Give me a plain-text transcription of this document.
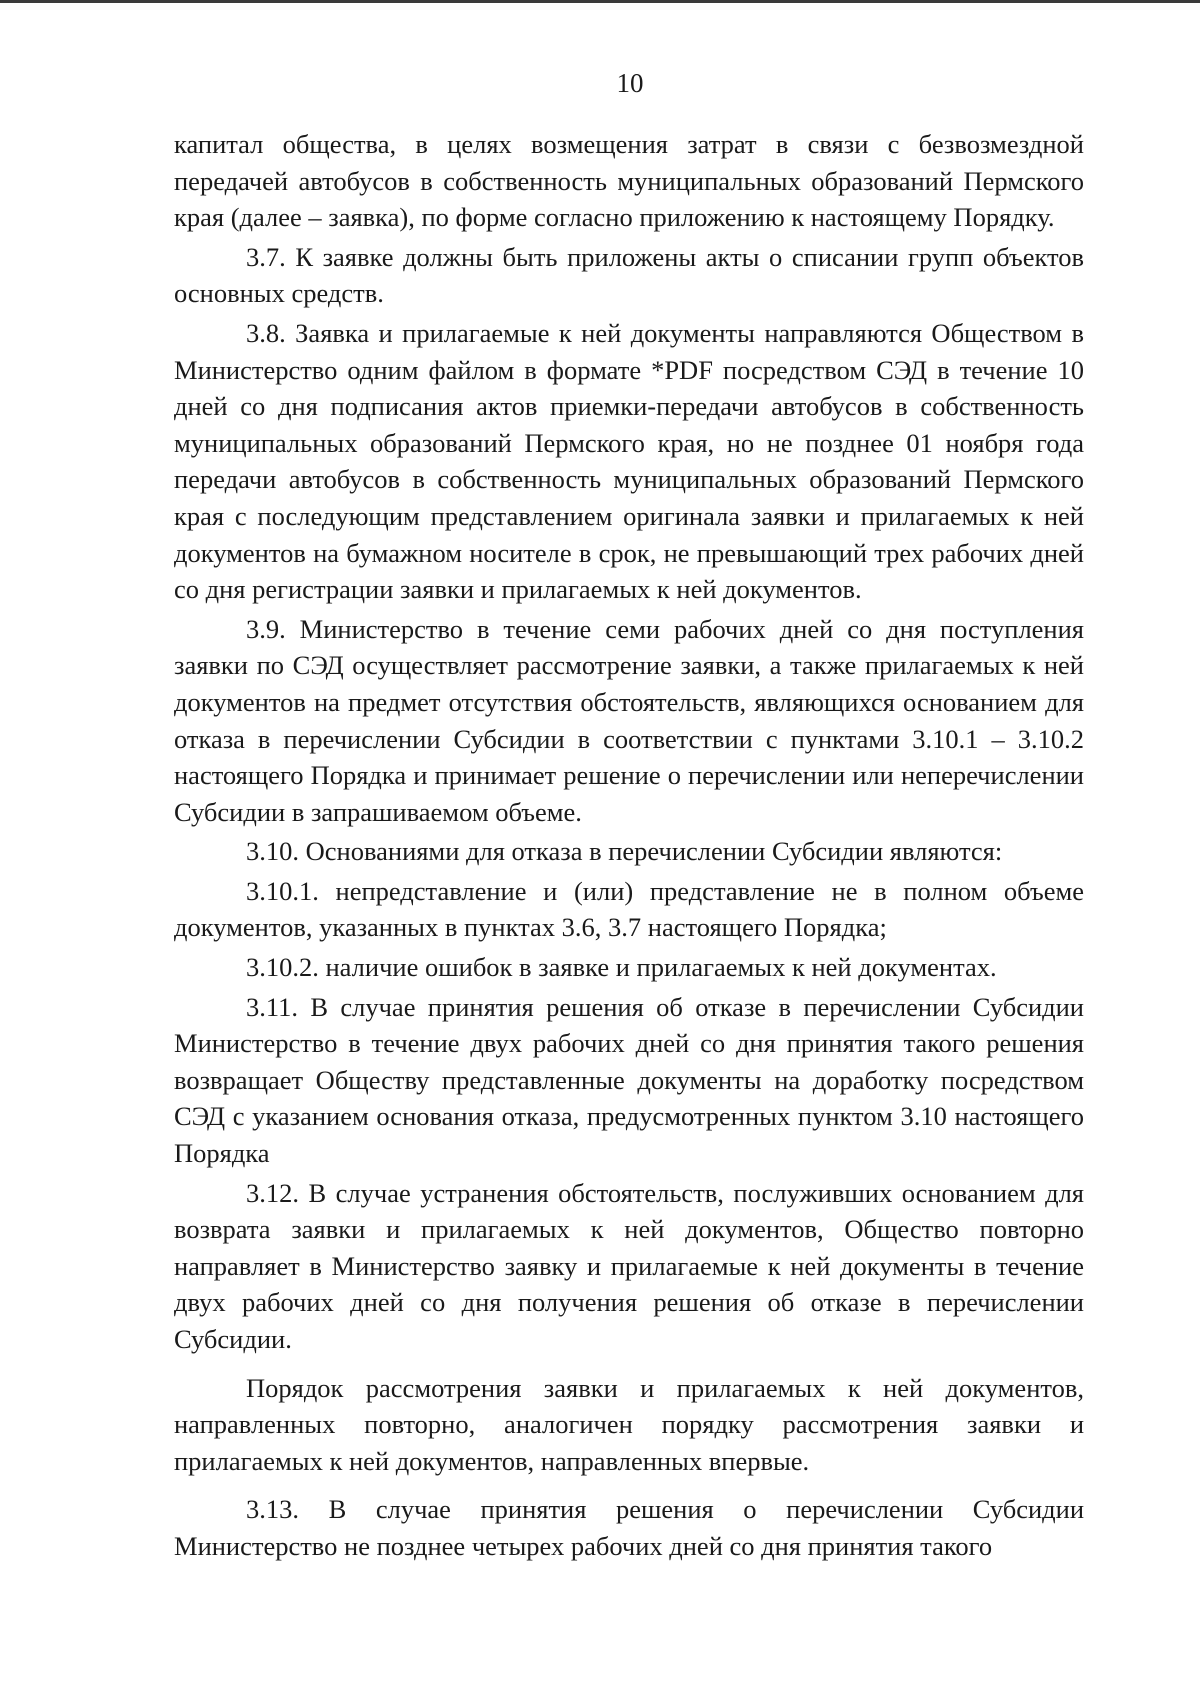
10

капитал общества, в целях возмещения затрат в связи с безвозмездной передачей автобусов в собственность муниципальных образований Пермского края (далее – заявка), по форме согласно приложению к настоящему Порядку.

3.7. К заявке должны быть приложены акты о списании групп объектов основных средств.

3.8. Заявка и прилагаемые к ней документы направляются Обществом в Министерство одним файлом в формате *PDF посредством СЭД в течение 10 дней со дня подписания актов приемки-передачи автобусов в собственность муниципальных образований Пермского края, но не позднее 01 ноября года передачи автобусов в собственность муниципальных образований Пермского края с последующим представлением оригинала заявки и прилагаемых к ней документов на бумажном носителе в срок, не превышающий трех рабочих дней со дня регистрации заявки и прилагаемых к ней документов.

3.9. Министерство в течение семи рабочих дней со дня поступления заявки по СЭД осуществляет рассмотрение заявки, а также прилагаемых к ней документов на предмет отсутствия обстоятельств, являющихся основанием для отказа в перечислении Субсидии в соответствии с пунктами 3.10.1 – 3.10.2 настоящего Порядка и принимает решение о перечислении или неперечислении Субсидии в запрашиваемом объеме.

3.10. Основаниями для отказа в перечислении Субсидии являются:

3.10.1. непредставление и (или) представление не в полном объеме документов, указанных в пунктах 3.6, 3.7 настоящего Порядка;

3.10.2. наличие ошибок в заявке и прилагаемых к ней документах.

3.11. В случае принятия решения об отказе в перечислении Субсидии Министерство в течение двух рабочих дней со дня принятия такого решения возвращает Обществу представленные документы на доработку посредством СЭД с указанием основания отказа, предусмотренных пунктом 3.10 настоящего Порядка

3.12. В случае устранения обстоятельств, послуживших основанием для возврата заявки и прилагаемых к ней документов, Общество повторно направляет в Министерство заявку и прилагаемые к ней документы в течение двух рабочих дней со дня получения решения об отказе в перечислении Субсидии.

Порядок рассмотрения заявки и прилагаемых к ней документов, направленных повторно, аналогичен порядку рассмотрения заявки и прилагаемых к ней документов, направленных впервые.

3.13. В случае принятия решения о перечислении Субсидии Министерство не позднее четырех рабочих дней со дня принятия такого
